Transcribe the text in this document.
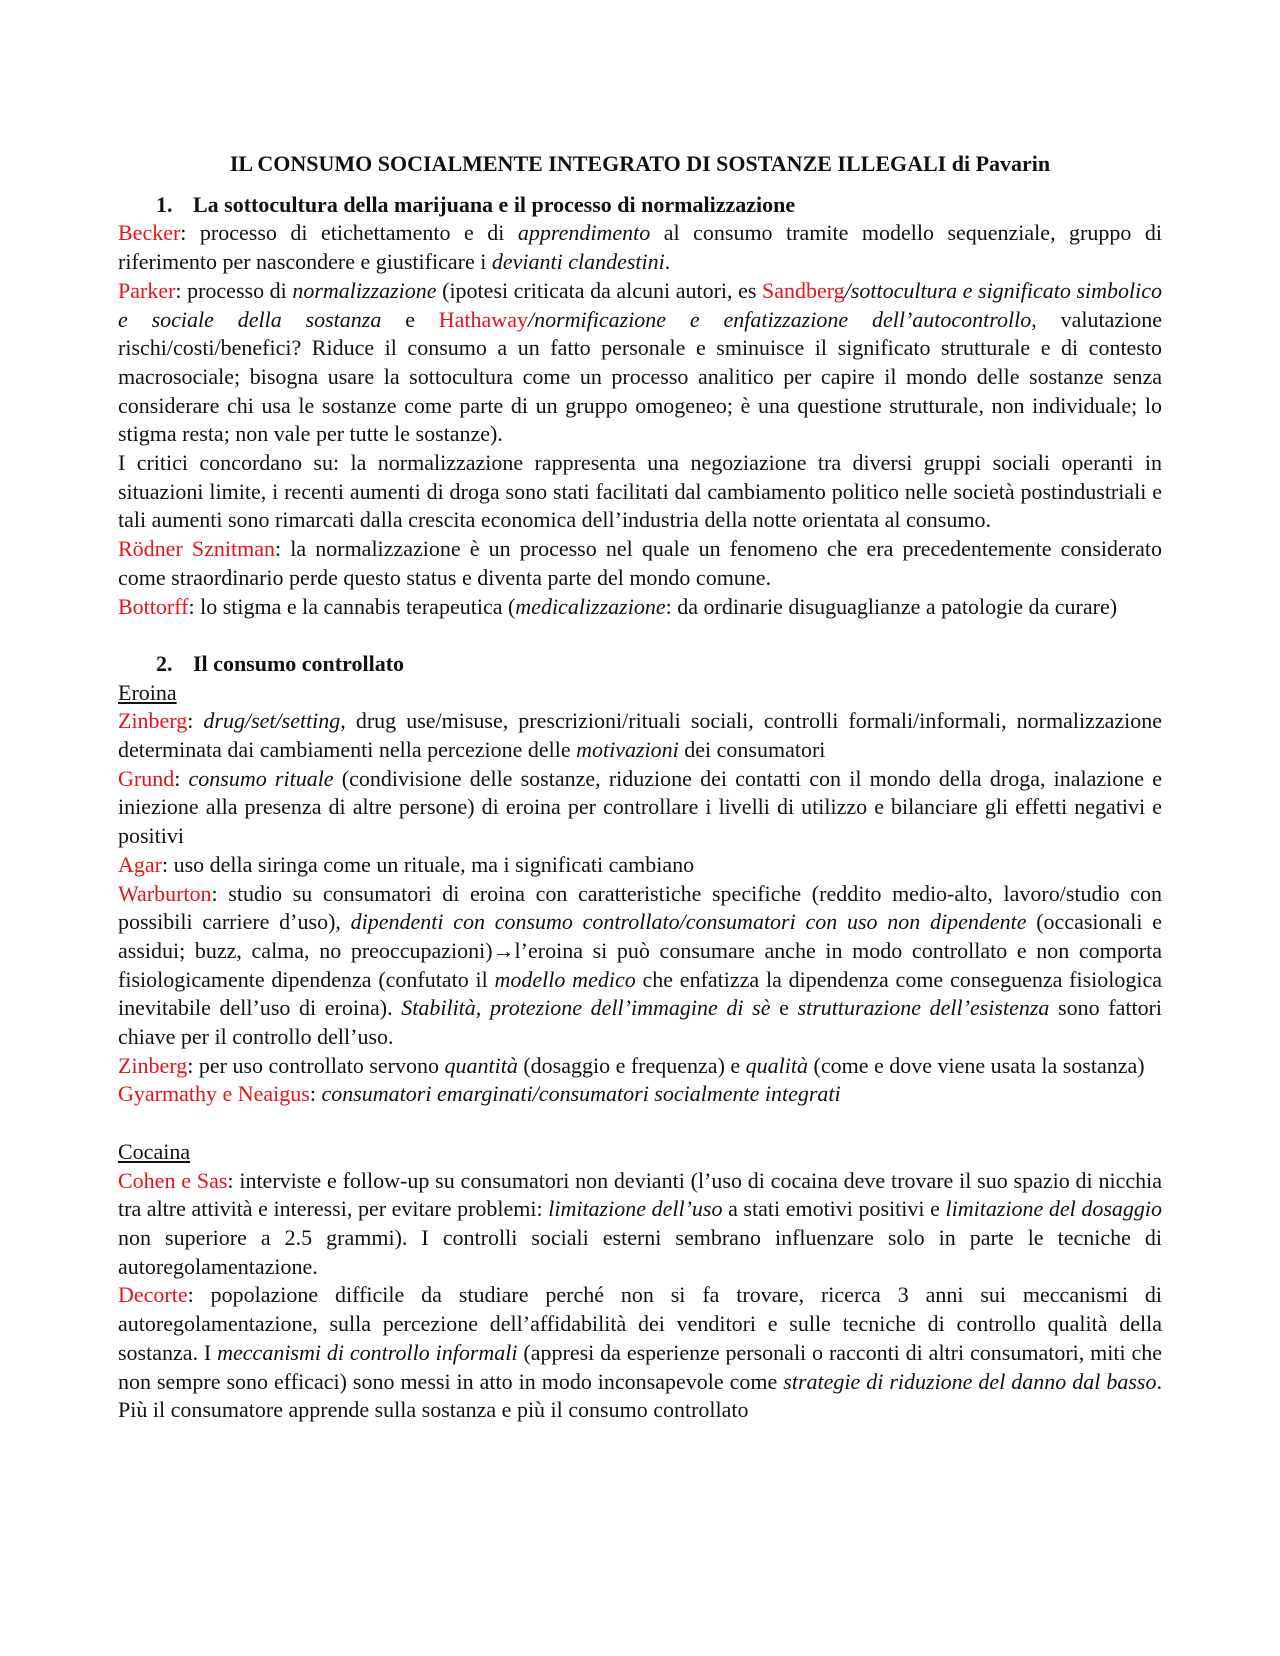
IL CONSUMO SOCIALMENTE INTEGRATO DI SOSTANZE ILLEGALI di Pavarin

1. La sottocultura della marijuana e il processo di normalizzazione

Becker: processo di etichettamento e di apprendimento al consumo tramite modello sequenziale, gruppo di riferimento per nascondere e giustificare i devianti clandestini.

Parker: processo di normalizzazione (ipotesi criticata da alcuni autori, es Sandberg/sottocultura e significato simbolico e sociale della sostanza e Hathaway/normificazione e enfatizzazione dell’autocontrollo, valutazione rischi/costi/benefici? Riduce il consumo a un fatto personale e sminuisce il significato strutturale e di contesto macrosociale; bisogna usare la sottocultura come un processo analitico per capire il mondo delle sostanze senza considerare chi usa le sostanze come parte di un gruppo omogeneo; è una questione strutturale, non individuale; lo stigma resta; non vale per tutte le sostanze).

I critici concordano su: la normalizzazione rappresenta una negoziazione tra diversi gruppi sociali operanti in situazioni limite, i recenti aumenti di droga sono stati facilitati dal cambiamento politico nelle società postindustriali e tali aumenti sono rimarcati dalla crescita economica dell’industria della notte orientata al consumo.

Rödner Sznitman: la normalizzazione è un processo nel quale un fenomeno che era precedentemente considerato come straordinario perde questo status e diventa parte del mondo comune.

Bottorff: lo stigma e la cannabis terapeutica (medicalizzazione: da ordinarie disuguaglianze a patologie da curare)

2. Il consumo controllato

Eroina

Zinberg: drug/set/setting, drug use/misuse, prescrizioni/rituali sociali, controlli formali/informali, normalizzazione determinata dai cambiamenti nella percezione delle motivazioni dei consumatori

Grund: consumo rituale (condivisione delle sostanze, riduzione dei contatti con il mondo della droga, inalazione e iniezione alla presenza di altre persone) di eroina per controllare i livelli di utilizzo e bilanciare gli effetti negativi e positivi

Agar: uso della siringa come un rituale, ma i significati cambiano

Warburton: studio su consumatori di eroina con caratteristiche specifiche (reddito medio-alto, lavoro/studio con possibili carriere d’uso), dipendenti con consumo controllato/consumatori con uso non dipendente (occasionali e assidui; buzz, calma, no preoccupazioni)→l’eroina si può consumare anche in modo controllato e non comporta fisiologicamente dipendenza (confutato il modello medico che enfatizza la dipendenza come conseguenza fisiologica inevitabile dell’uso di eroina). Stabilità, protezione dell’immagine di sè e strutturazione dell’esistenza sono fattori chiave per il controllo dell’uso.

Zinberg: per uso controllato servono quantità (dosaggio e frequenza) e qualità (come e dove viene usata la sostanza)

Gyarmathy e Neaigus: consumatori emarginati/consumatori socialmente integrati

Cocaina

Cohen e Sas: interviste e follow-up su consumatori non devianti (l’uso di cocaina deve trovare il suo spazio di nicchia tra altre attività e interessi, per evitare problemi: limitazione dell’uso a stati emotivi positivi e limitazione del dosaggio non superiore a 2.5 grammi). I controlli sociali esterni sembrano influenzare solo in parte le tecniche di autoregolamentazione.

Decorte: popolazione difficile da studiare perché non si fa trovare, ricerca 3 anni sui meccanismi di autoregolamentazione, sulla percezione dell’affidabilità dei venditori e sulle tecniche di controllo qualità della sostanza. I meccanismi di controllo informali (appresi da esperienze personali o racconti di altri consumatori, miti che non sempre sono efficaci) sono messi in atto in modo inconsapevole come strategie di riduzione del danno dal basso. Più il consumatore apprende sulla sostanza e più il consumo controllato
